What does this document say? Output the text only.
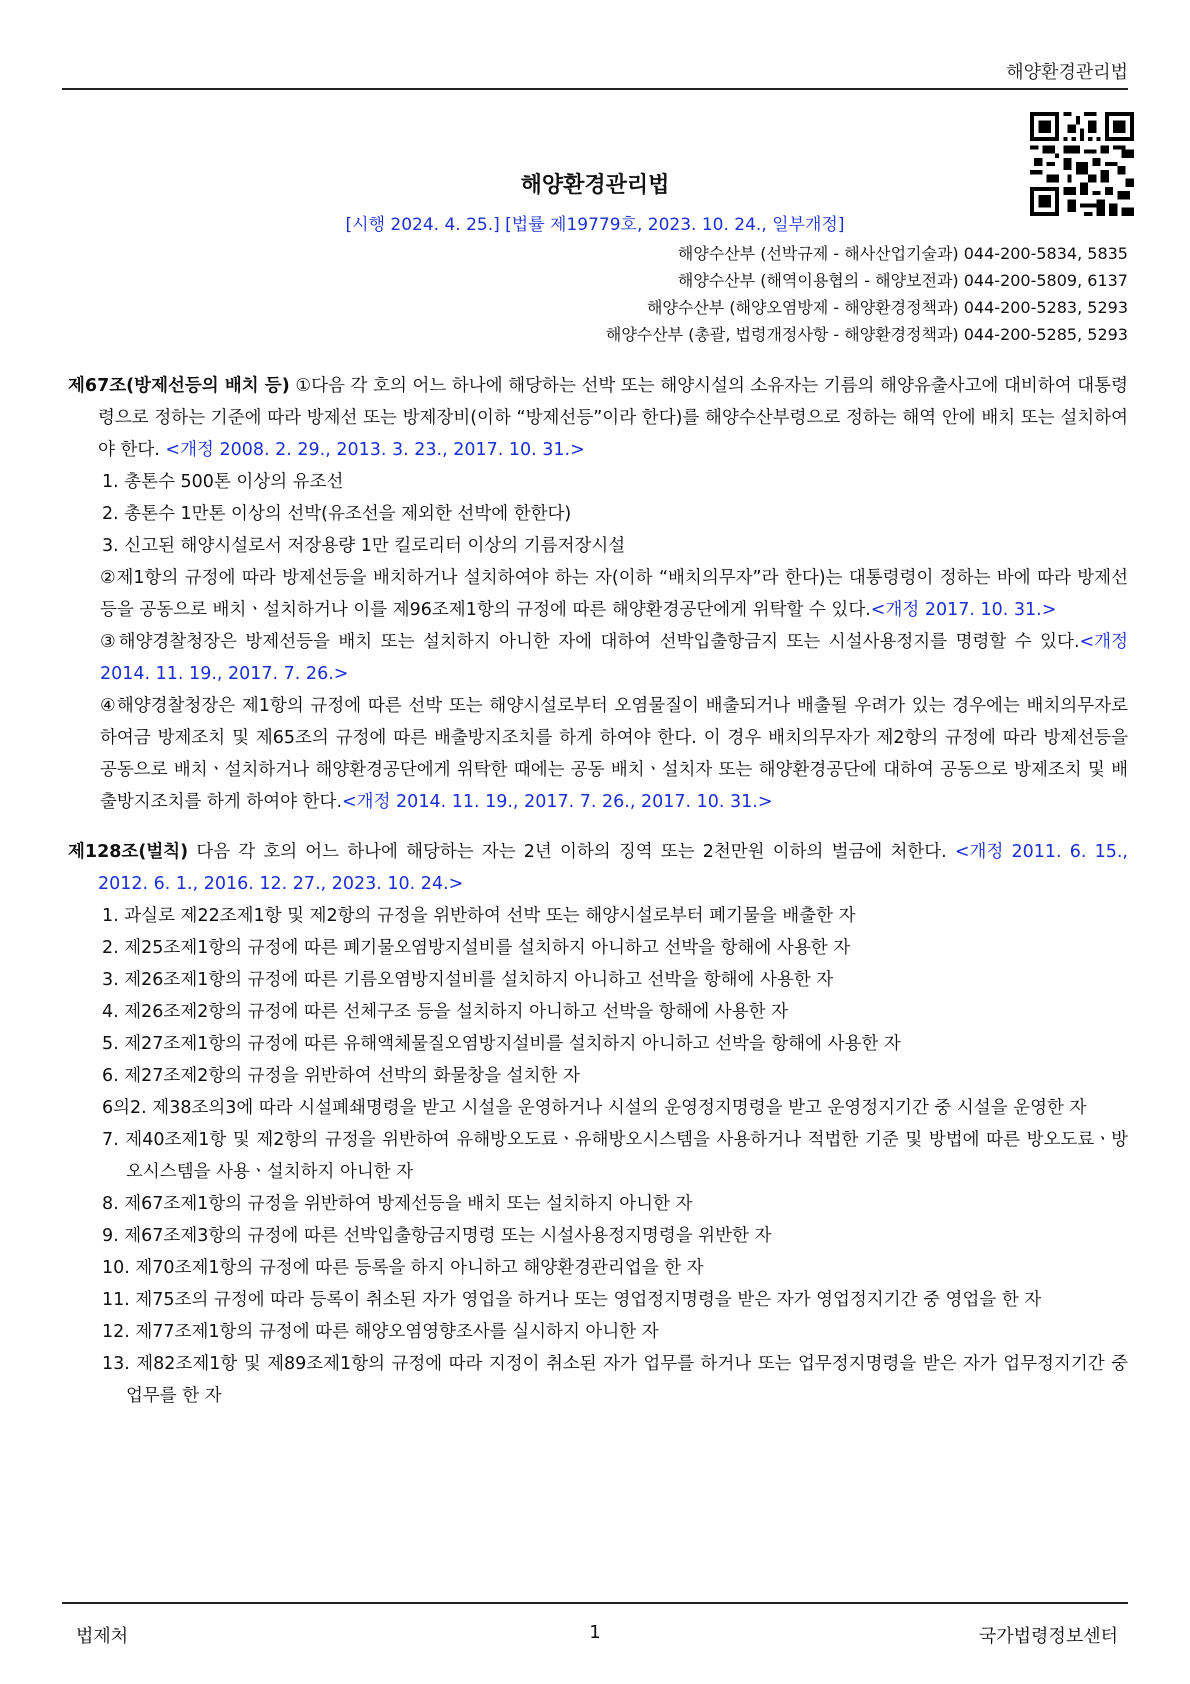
해양환경관리법
해양환경관리법
[시행 2024. 4. 25.] [법률 제19779호, 2023. 10. 24., 일부개정]
해양수산부 (선박규제 - 해사산업기술과) 044-200-5834, 5835
해양수산부 (해역이용협의 - 해양보전과) 044-200-5809, 6137
해양수산부 (해양오염방제 - 해양환경정책과) 044-200-5283, 5293
해양수산부 (총괄, 법령개정사항 - 해양환경정책과) 044-200-5285, 5293
제67조(방제선등의 배치 등) ①다음 각 호의 어느 하나에 해당하는 선박 또는 해양시설의 소유자는 기름의 해양유출사고에 대비하여 대통령령으로 정하는 기준에 따라 방제선 또는 방제장비(이하 “방제선등”이라 한다)를 해양수산부령으로 정하는 해역 안에 배치 또는 설치하여야 한다. <개정 2008. 2. 29., 2013. 3. 23., 2017. 10. 31.>
1. 총톤수 500톤 이상의 유조선
2. 총톤수 1만톤 이상의 선박(유조선을 제외한 선박에 한한다)
3. 신고된 해양시설로서 저장용량 1만 킬로리터 이상의 기름저장시설
②제1항의 규정에 따라 방제선등을 배치하거나 설치하여야 하는 자(이하 “배치의무자”라 한다)는 대통령령이 정하는 바에 따라 방제선등을 공동으로 배치ㆍ설치하거나 이를 제96조제1항의 규정에 따른 해양환경공단에게 위탁할 수 있다.<개정 2017. 10. 31.>
③해양경찰청장은 방제선등을 배치 또는 설치하지 아니한 자에 대하여 선박입출항금지 또는 시설사용정지를 명령할 수 있다.<개정 2014. 11. 19., 2017. 7. 26.>
④해양경찰청장은 제1항의 규정에 따른 선박 또는 해양시설로부터 오염물질이 배출되거나 배출될 우려가 있는 경우에는 배치의무자로 하여금 방제조치 및 제65조의 규정에 따른 배출방지조치를 하게 하여야 한다. 이 경우 배치의무자가 제2항의 규정에 따라 방제선등을 공동으로 배치ㆍ설치하거나 해양환경공단에게 위탁한 때에는 공동 배치ㆍ설치자 또는 해양환경공단에 대하여 공동으로 방제조치 및 배출방지조치를 하게 하여야 한다.<개정 2014. 11. 19., 2017. 7. 26., 2017. 10. 31.>
제128조(벌칙) 다음 각 호의 어느 하나에 해당하는 자는 2년 이하의 징역 또는 2천만원 이하의 벌금에 처한다. <개정 2011. 6. 15., 2012. 6. 1., 2016. 12. 27., 2023. 10. 24.>
1. 과실로 제22조제1항 및 제2항의 규정을 위반하여 선박 또는 해양시설로부터 폐기물을 배출한 자
2. 제25조제1항의 규정에 따른 폐기물오염방지설비를 설치하지 아니하고 선박을 항해에 사용한 자
3. 제26조제1항의 규정에 따른 기름오염방지설비를 설치하지 아니하고 선박을 항해에 사용한 자
4. 제26조제2항의 규정에 따른 선체구조 등을 설치하지 아니하고 선박을 항해에 사용한 자
5. 제27조제1항의 규정에 따른 유해액체물질오염방지설비를 설치하지 아니하고 선박을 항해에 사용한 자
6. 제27조제2항의 규정을 위반하여 선박의 화물창을 설치한 자
6의2. 제38조의3에 따라 시설폐쇄명령을 받고 시설을 운영하거나 시설의 운영정지명령을 받고 운영정지기간 중 시설을 운영한 자
7. 제40조제1항 및 제2항의 규정을 위반하여 유해방오도료ㆍ유해방오시스템을 사용하거나 적법한 기준 및 방법에 따른 방오도료ㆍ방오시스템을 사용ㆍ설치하지 아니한 자
8. 제67조제1항의 규정을 위반하여 방제선등을 배치 또는 설치하지 아니한 자
9. 제67조제3항의 규정에 따른 선박입출항금지명령 또는 시설사용정지명령을 위반한 자
10. 제70조제1항의 규정에 따른 등록을 하지 아니하고 해양환경관리업을 한 자
11. 제75조의 규정에 따라 등록이 취소된 자가 영업을 하거나 또는 영업정지명령을 받은 자가 영업정지기간 중 영업을 한 자
12. 제77조제1항의 규정에 따른 해양오염영향조사를 실시하지 아니한 자
13. 제82조제1항 및 제89조제1항의 규정에 따라 지정이 취소된 자가 업무를 하거나 또는 업무정지명령을 받은 자가 업무정지기간 중 업무를 한 자
법제처	1	국가법령정보센터
